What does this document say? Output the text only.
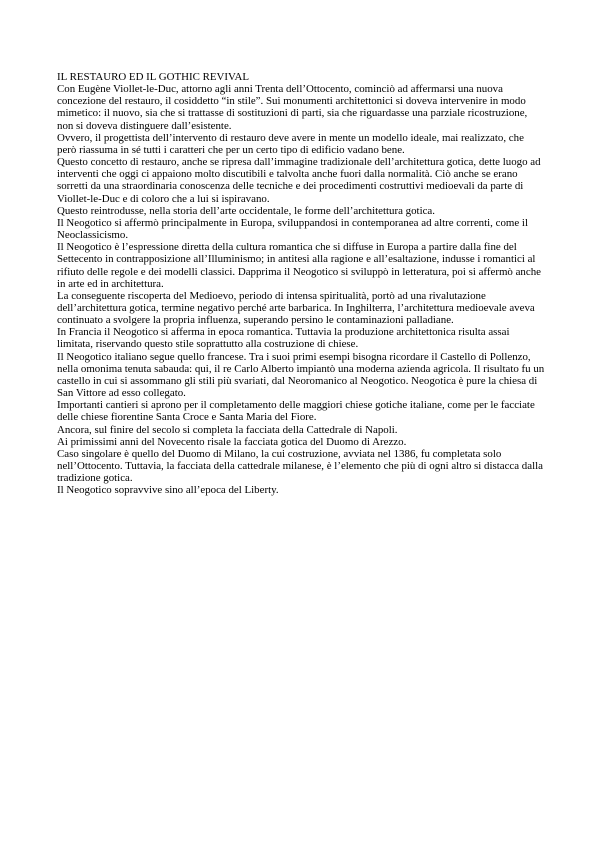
IL RESTAURO ED IL GOTHIC REVIVAL

Con Eugène Viollet-le-Duc, attorno agli anni Trenta dell’Ottocento, cominciò ad affermarsi una nuova concezione del restauro, il cosiddetto “in stile”. Sui monumenti architettonici si doveva intervenire in modo mimetico: il nuovo, sia che si trattasse di sostituzioni di parti, sia che riguardasse una parziale ricostruzione, non si doveva distinguere dall’esistente.

Ovvero, il progettista dell’intervento di restauro deve avere in mente un modello ideale, mai realizzato, che però riassuma in sé tutti i caratteri che per un certo tipo di edificio vadano bene.

Questo concetto di restauro, anche se ripresa dall’immagine tradizionale dell’architettura gotica, dette luogo ad interventi che oggi ci appaiono molto discutibili e talvolta anche fuori dalla normalità. Ciò anche se erano sorretti da una straordinaria conoscenza delle tecniche e dei procedimenti costruttivi medioevali da parte di Viollet-le-Duc e di coloro che a lui si ispiravano.

Questo reintrodusse, nella storia dell’arte occidentale, le forme dell’architettura gotica.

Il Neogotico si affermò principalmente in Europa, sviluppandosi in contemporanea ad altre correnti, come il Neoclassicismo.

Il Neogotico è l’espressione diretta della cultura romantica che si diffuse in Europa a partire dalla fine del Settecento in contrapposizione all’Illuminismo; in antitesi alla ragione e all’esaltazione, indusse i romantici al rifiuto delle regole e dei modelli classici. Dapprima il Neogotico si sviluppò in letteratura, poi si affermò anche in arte ed in architettura.

La conseguente riscoperta del Medioevo, periodo di intensa spiritualità, portò ad una rivalutazione dell’architettura gotica, termine negativo perché arte barbarica. In Inghilterra, l’architettura medioevale aveva continuato a svolgere la propria influenza, superando persino le contaminazioni palladiane.

In Francia il Neogotico si afferma in epoca romantica. Tuttavia la produzione architettonica risulta assai limitata, riservando questo stile soprattutto alla costruzione di chiese.

Il Neogotico italiano segue quello francese. Tra i suoi primi esempi bisogna ricordare il Castello di Pollenzo, nella omonima tenuta sabauda: qui, il re Carlo Alberto impiantò una moderna azienda agricola. Il risultato fu un castello in cui si assommano gli stili più svariati, dal Neoromanico al Neogotico. Neogotica è pure la chiesa di San Vittore ad esso collegato.

Importanti cantieri si aprono per il completamento delle maggiori chiese gotiche italiane, come per le facciate delle chiese fiorentine Santa Croce e Santa Maria del Fiore.

Ancora, sul finire del secolo si completa la facciata della Cattedrale di Napoli.

Ai primissimi anni del Novecento risale la facciata gotica del Duomo di Arezzo.

Caso singolare è quello del Duomo di Milano, la cui costruzione, avviata nel 1386, fu completata solo nell’Ottocento. Tuttavia, la facciata della cattedrale milanese, è l’elemento che più di ogni altro si distacca dalla tradizione gotica.

Il Neogotico sopravvive sino all’epoca del Liberty.
